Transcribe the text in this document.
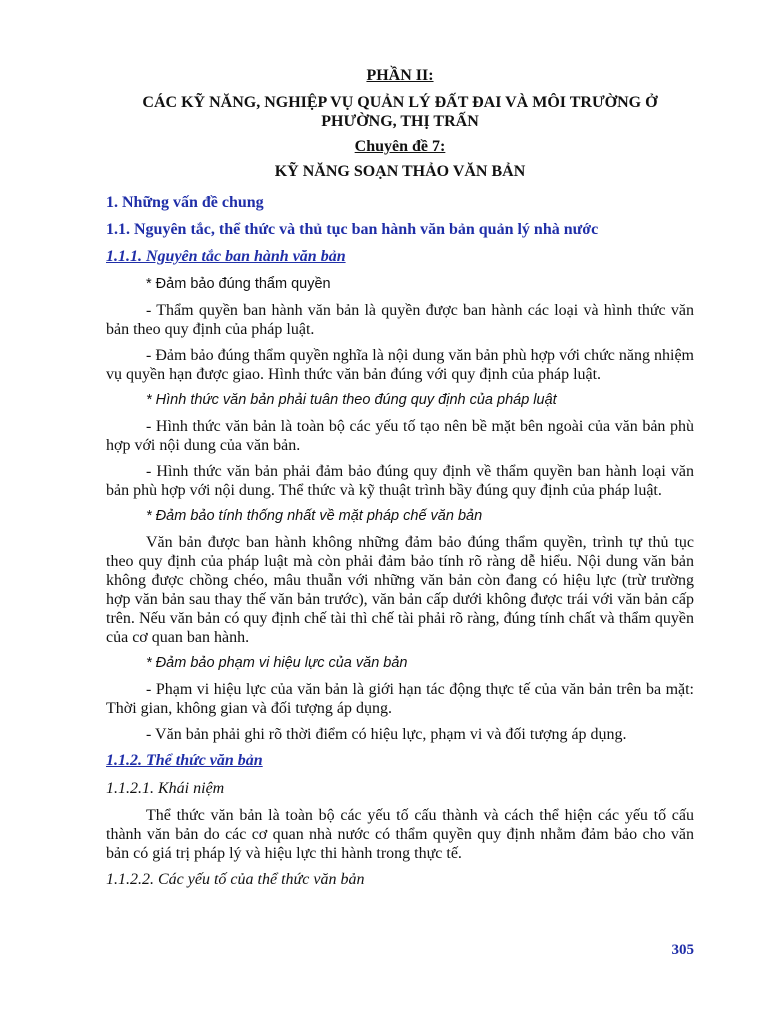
PHẦN II:
CÁC KỸ NĂNG, NGHIỆP VỤ QUẢN LÝ ĐẤT ĐAI VÀ MÔI TRƯỜNG Ở PHƯỜNG, THỊ TRẤN
Chuyên đề 7:
KỸ NĂNG SOẠN THẢO VĂN BẢN
1. Những vấn đề chung
1.1. Nguyên tắc, thể thức và thủ tục ban hành văn bản quản lý nhà nước
1.1.1. Nguyên tắc ban hành văn bản
* Đảm bảo đúng thẩm quyền

- Thẩm quyền ban hành văn bản là quyền được ban hành các loại và hình thức văn bản theo quy định của pháp luật.

- Đảm bảo đúng thẩm quyền nghĩa là nội dung văn bản phù hợp với chức năng nhiệm vụ quyền hạn được giao. Hình thức văn bản đúng với quy định của pháp luật.

* Hình thức văn bản phải tuân theo đúng quy định của pháp luật

- Hình thức văn bản là toàn bộ các yếu tố tạo nên bề mặt bên ngoài của văn bản phù hợp với nội dung của văn bản.

- Hình thức văn bản phải đảm bảo đúng quy định về thẩm quyền ban hành loại văn bản phù hợp với nội dung. Thể thức và kỹ thuật trình bầy đúng quy định của pháp luật.

* Đảm bảo tính thống nhất về mặt pháp chế văn bản

Văn bản được ban hành không những đảm bảo đúng thẩm quyền, trình tự thủ tục theo quy định của pháp luật mà còn phải đảm bảo tính rõ ràng dễ hiểu. Nội dung văn bản không được chồng chéo, mâu thuẫn với những văn bản còn đang có hiệu lực (trừ trường hợp văn bản sau thay thế văn bản trước), văn bản cấp dưới không được trái với văn bản cấp trên. Nếu văn bản có quy định chế tài thì chế tài phải rõ ràng, đúng tính chất và thẩm quyền của cơ quan ban hành.

* Đảm bảo phạm vi hiệu lực của văn bản

- Phạm vi hiệu lực của văn bản là giới hạn tác động thực tế của văn bản trên ba mặt: Thời gian, không gian và đối tượng áp dụng.

- Văn bản phải ghi rõ thời điểm có hiệu lực, phạm vi và đối tượng áp dụng.

1.1.2. Thể thức văn bản
1.1.2.1. Khái niệm

Thể thức văn bản là toàn bộ các yếu tố cấu thành và cách thể hiện các yếu tố cấu thành văn bản do các cơ quan nhà nước có thẩm quyền quy định nhằm đảm bảo cho văn bản có giá trị pháp lý và hiệu lực thi hành trong thực tế.

1.1.2.2. Các yếu tố của thể thức văn bản
305
